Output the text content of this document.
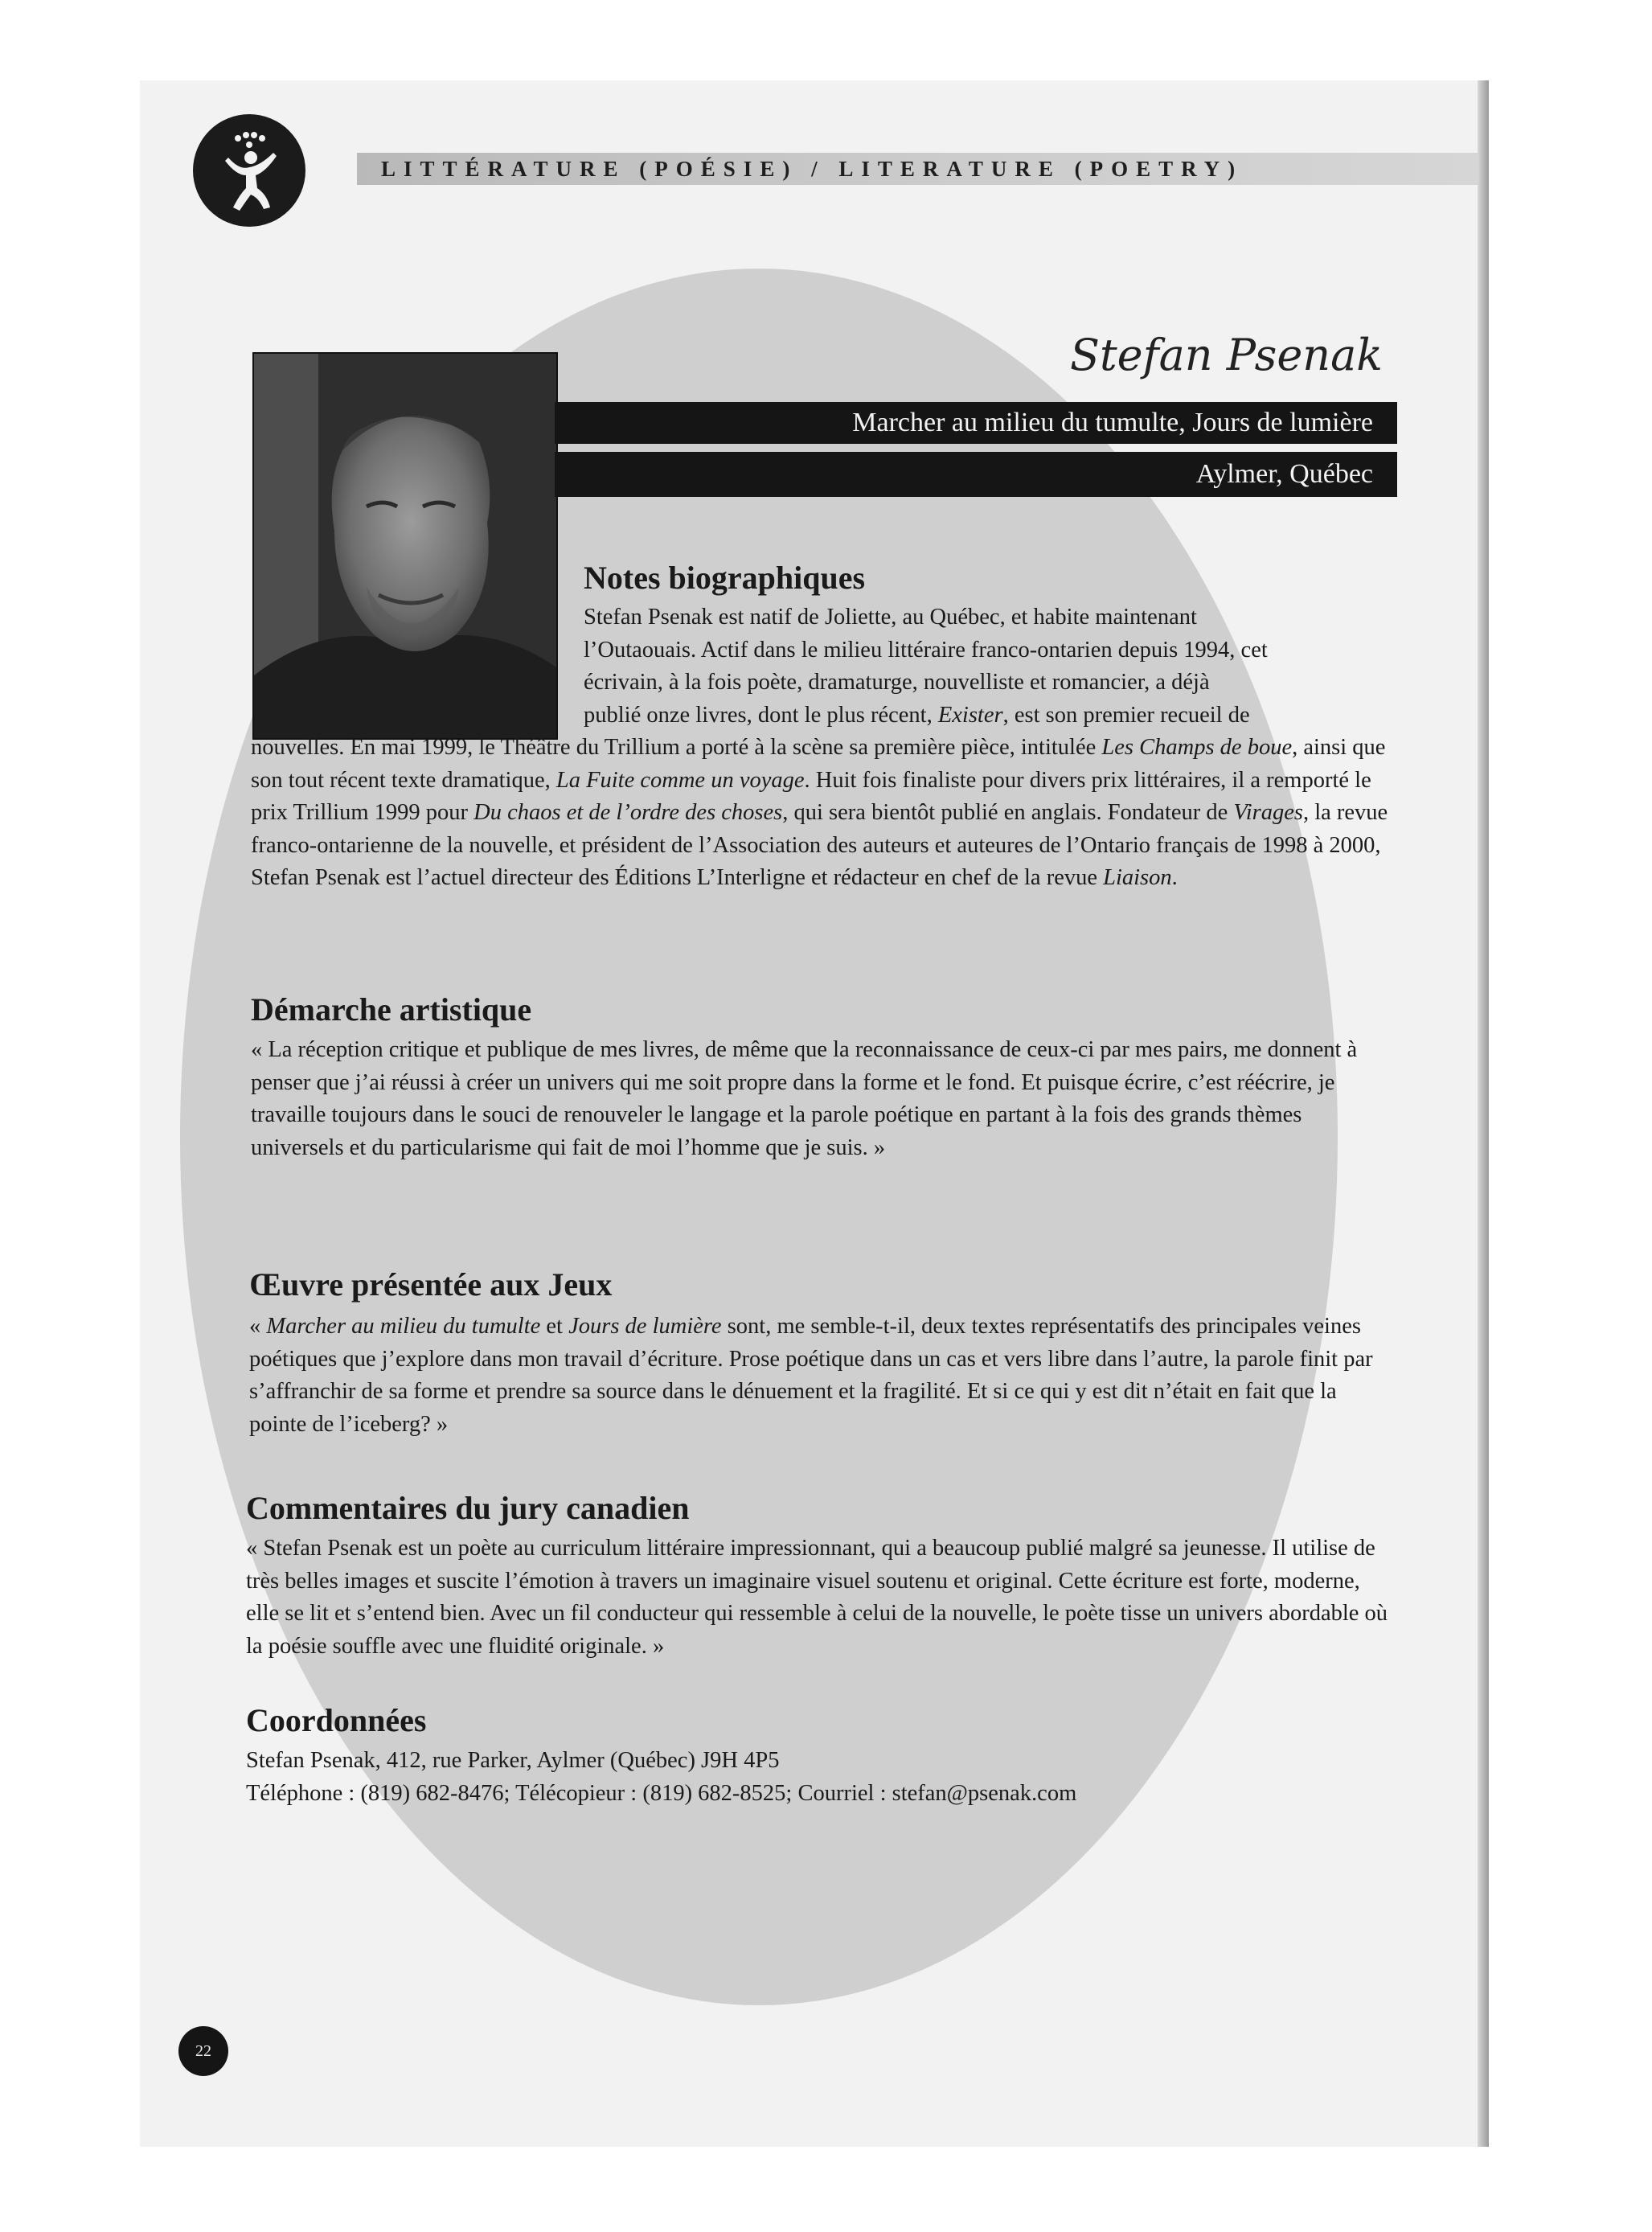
LITTÉRATURE (POÉSIE) / LITERATURE (POETRY)
Stefan Psenak
Marcher au milieu du tumulte, Jours de lumière
Aylmer, Québec
Notes biographiques

Stefan Psenak est natif de Joliette, au Québec, et habite maintenant

l’Outaouais. Actif dans le milieu littéraire franco-ontarien depuis 1994, cet

écrivain, à la fois poète, dramaturge, nouvelliste et romancier, a déjà

publié onze livres, dont le plus récent, Exister, est son premier recueil de

nouvelles. En mai 1999, le Théâtre du Trillium a porté à la scène sa première pièce, intitulée Les Champs de boue, ainsi que son tout récent texte dramatique, La Fuite comme un voyage. Huit fois finaliste pour divers prix littéraires, il a remporté le prix Trillium 1999 pour Du chaos et de l’ordre des choses, qui sera bientôt publié en anglais. Fondateur de Virages, la revue franco-ontarienne de la nouvelle, et président de l’Association des auteurs et auteures de l’Ontario français de 1998 à 2000, Stefan Psenak est l’actuel directeur des Éditions L’Interligne et rédacteur en chef de la revue Liaison.

Démarche artistique
« La réception critique et publique de mes livres, de même que la reconnaissance de ceux-ci par mes pairs, me donnent à penser que j’ai réussi à créer un univers qui me soit propre dans la forme et le fond. Et puisque écrire, c’est réécrire, je travaille toujours dans le souci de renouveler le langage et la parole poétique en partant à la fois des grands thèmes universels et du particularisme qui fait de moi l’homme que je suis. »
Œuvre présentée aux Jeux

« Marcher au milieu du tumulte et Jours de lumière sont, me semble-t-il, deux textes représentatifs des principales veines poétiques que j’explore dans mon travail d’écriture. Prose poétique dans un cas et vers libre dans l’autre, la parole finit par s’affranchir de sa forme et prendre sa source dans le dénuement et la fragilité. Et si ce qui y est dit n’était en fait que la pointe de l’iceberg? »

Commentaires du jury canadien
« Stefan Psenak est un poète au curriculum littéraire impressionnant, qui a beaucoup publié malgré sa jeunesse. Il utilise de très belles images et suscite l’émotion à travers un imaginaire visuel soutenu et original. Cette écriture est forte, moderne, elle se lit et s’entend bien. Avec un fil conducteur qui ressemble à celui de la nouvelle, le poète tisse un univers abordable où la poésie souffle avec une fluidité originale. »
Coordonnées

Stefan Psenak, 412, rue Parker, Aylmer (Québec) J9H 4P5

Téléphone : (819) 682-8476; Télécopieur : (819) 682-8525; Courriel : stefan@psenak.com

22
